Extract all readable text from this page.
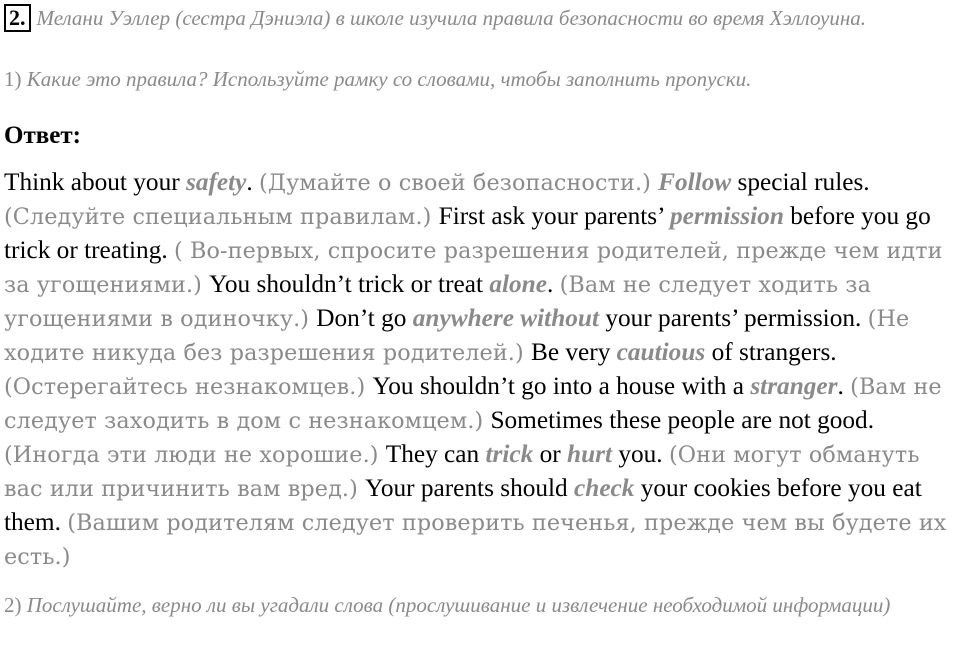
2. Мелани Уэллер (сестра Дэниэла) в школе изучила правила безопасности во время Хэллоуина.
1) Какие это правила? Используйте рамку со словами, чтобы заполнить пропуски.
Ответ:
Think about your safety. (Думайте о своей безопасности.) Follow special rules. (Следуйте специальным правилам.) First ask your parents’ permission before you go trick or treating. ( Во-первых, спросите разрешения родителей, прежде чем идти за угощениями.) You shouldn’t trick or treat alone. (Вам не следует ходить за угощениями в одиночку.) Don’t go anywhere without your parents’ permission. (Не ходите никуда без разрешения родителей.) Be very cautious of strangers. (Остерегайтесь незнакомцев.) You shouldn’t go into a house with a stranger. (Вам не следует заходить в дом с незнакомцем.) Sometimes these people are not good. (Иногда эти люди не хорошие.) They can trick or hurt you. (Они могут обмануть вас или причинить вам вред.) Your parents should check your cookies before you eat them. (Вашим родителям следует проверить печенья, прежде чем вы будете их есть.)
2) Послушайте, верно ли вы угадали слова (прослушивание и извлечение необходимой информации)
